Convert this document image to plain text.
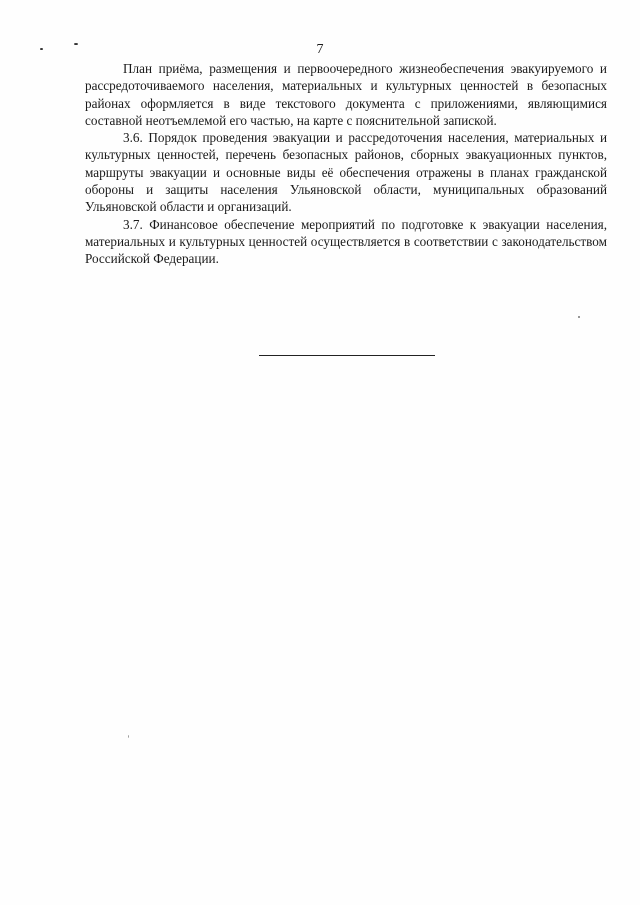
7

План приёма, размещения и первоочередного жизнеобеспечения эвакуируемого и рассредоточиваемого населения, материальных и культурных ценностей в безопасных районах оформляется в виде текстового документа с приложениями, являющимися составной неотъемлемой его частью, на карте с пояснительной запиской.

3.6. Порядок проведения эвакуации и рассредоточения населения, материальных и культурных ценностей, перечень безопасных районов, сборных эвакуационных пунктов, маршруты эвакуации и основные виды её обеспечения отражены в планах гражданской обороны и защиты населения Ульяновской области, муниципальных образований Ульяновской области и организаций.

3.7. Финансовое обеспечение мероприятий по подготовке к эвакуации населения, материальных и культурных ценностей осуществляется в соответствии с законодательством Российской Федерации.
